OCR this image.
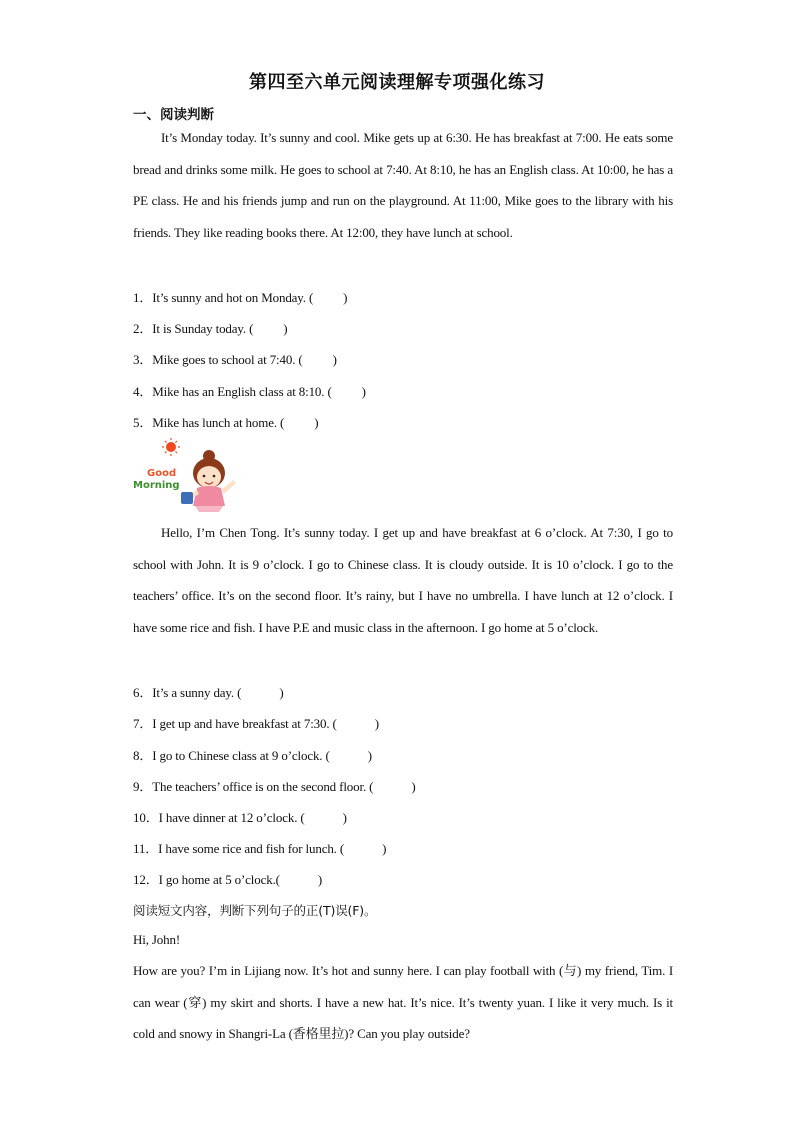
第四至六单元阅读理解专项强化练习
一、阅读判断

It’s Monday today. It’s sunny and cool. Mike gets up at 6:30. He has breakfast at 7:00. He eats some bread and drinks some milk. He goes to school at 7:40. At 8:10, he has an English class. At 10:00, he has a PE class. He and his friends jump and run on the playground. At 11:00, Mike goes to the library with his friends. They like reading books there. At 12:00, they have lunch at school.

1．It’s sunny and hot on Monday. ( )
2．It is Sunday today. ( )
3．Mike goes to school at 7:40. ( )
4．Mike has an English class at 8:10. ( )
5．Mike has lunch at home. ( )
Good
Morning

Hello, I’m Chen Tong. It’s sunny today. I get up and have breakfast at 6 o’clock. At 7:30, I go to school with John. It is 9 o’clock. I go to Chinese class. It is cloudy outside. It is 10 o’clock. I go to the teachers’ office. It’s on the second floor. It’s rainy, but I have no umbrella. I have lunch at 12 o’clock. I have some rice and fish. I have P.E and music class in the afternoon. I go home at 5 o’clock.

6．It’s a sunny day. (	)
7．I get up and have breakfast at 7:30. (	)
8．I go to Chinese class at 9 o’clock. (	)
9．The teachers’ office is on the second floor. (	)
10．I have dinner at 12 o’clock. (	)
11．I have some rice and fish for lunch. (	)
12．I go home at 5 o’clock.(	)
阅读短文内容，判断下列句子的正(T)误(F)。
Hi, John!

How are you? I’m in Lijiang now. It’s hot and sunny here. I can play football with (与) my friend, Tim. I can wear (穿) my skirt and shorts. I have a new hat. It’s nice. It’s twenty yuan. I like it very much. Is it cold and snowy in Shangri-La (香格里拉)? Can you play outside?
